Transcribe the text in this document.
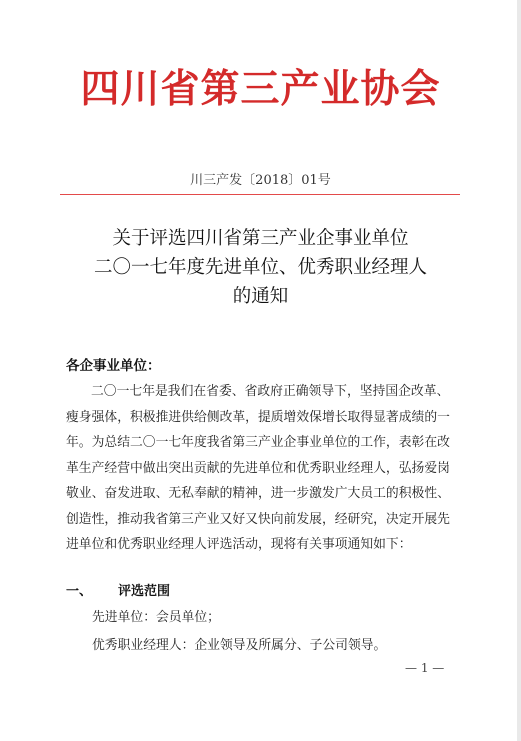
四川省第三产业协会
川三产发〔2018〕01号
关于评选四川省第三产业企事业单位
二〇一七年度先进单位、优秀职业经理人
的通知
各企事业单位：
二〇一七年是我们在省委、省政府正确领导下，坚持国企改革、
瘦身强体，积极推进供给侧改革，提质增效保增长取得显著成绩的一
年。为总结二〇一七年度我省第三产业企事业单位的工作，表彰在改
革生产经营中做出突出贡献的先进单位和优秀职业经理人，弘扬爱岗
敬业、奋发进取、无私奉献的精神，进一步激发广大员工的积极性、
创造性，推动我省第三产业又好又快向前发展，经研究，决定开展先
进单位和优秀职业经理人评选活动，现将有关事项通知如下：
一、 评选范围
先进单位：会员单位；
优秀职业经理人：企业领导及所属分、子公司领导。
— 1 —
